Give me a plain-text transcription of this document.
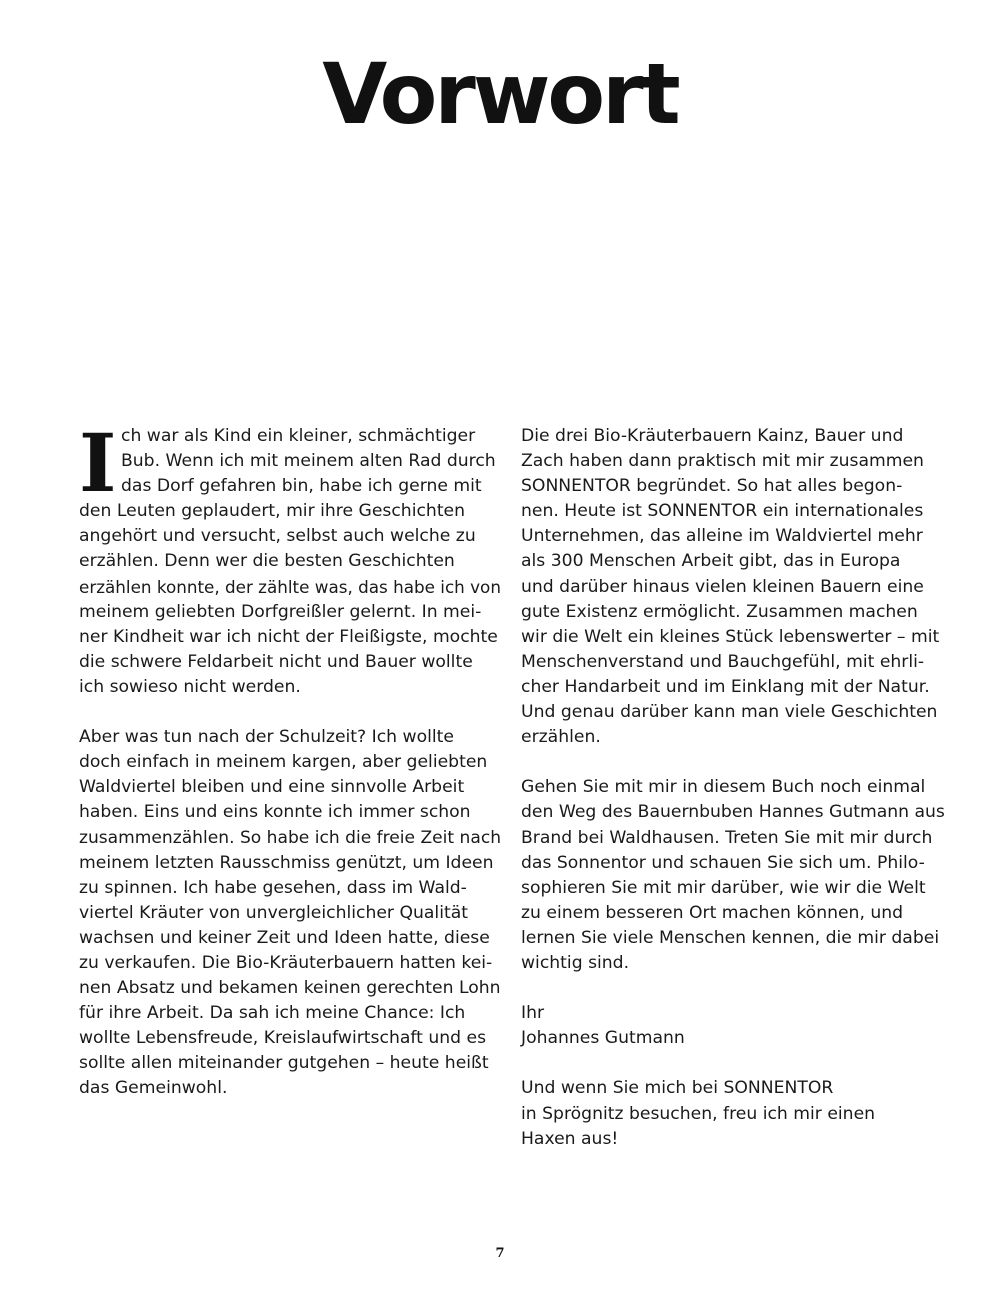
Vorwort
I ch war als Kind ein kleiner, schmächtiger
Bub. Wenn ich mit meinem alten Rad durch
das Dorf gefahren bin, habe ich gerne mit
den Leuten geplaudert, mir ihre Geschichten
angehört und versucht, selbst auch welche zu
erzählen. Denn wer die besten Geschichten
erzählen konnte, der zählte was, das habe ich von
meinem geliebten Dorfgreißler gelernt. In mei-
ner Kindheit war ich nicht der Fleißigste, mochte
die schwere Feldarbeit nicht und Bauer wollte
ich sowieso nicht werden.
Aber was tun nach der Schulzeit? Ich wollte
doch einfach in meinem kargen, aber geliebten
Waldviertel bleiben und eine sinnvolle Arbeit
haben. Eins und eins konnte ich immer schon
zusammenzählen. So habe ich die freie Zeit nach
meinem letzten Rausschmiss genützt, um Ideen
zu spinnen. Ich habe gesehen, dass im Wald-
viertel Kräuter von unvergleichlicher Qualität
wachsen und keiner Zeit und Ideen hatte, diese
zu verkaufen. Die Bio-Kräuterbauern hatten kei-
nen Absatz und bekamen keinen gerechten Lohn
für ihre Arbeit. Da sah ich meine Chance: Ich
wollte Lebensfreude, Kreislaufwirtschaft und es
sollte allen miteinander gutgehen – heute heißt
das Gemeinwohl.
Die drei Bio-Kräuterbauern Kainz, Bauer und
Zach haben dann praktisch mit mir zusammen
SONNENTOR begründet. So hat alles begon-
nen. Heute ist SONNENTOR ein internationales
Unternehmen, das alleine im Waldviertel mehr
als 300 Menschen Arbeit gibt, das in Europa
und darüber hinaus vielen kleinen Bauern eine
gute Existenz ermöglicht. Zusammen machen
wir die Welt ein kleines Stück lebenswerter – mit
Menschenverstand und Bauchgefühl, mit ehrli-
cher Handarbeit und im Einklang mit der Natur.
Und genau darüber kann man viele Geschichten
erzählen.
Gehen Sie mit mir in diesem Buch noch einmal
den Weg des Bauernbuben Hannes Gutmann aus
Brand bei Waldhausen. Treten Sie mit mir durch
das Sonnentor und schauen Sie sich um. Philo-
sophieren Sie mit mir darüber, wie wir die Welt
zu einem besseren Ort machen können, und
lernen Sie viele Menschen kennen, die mir dabei
wichtig sind.
Ihr
Johannes Gutmann
Und wenn Sie mich bei SONNENTOR
in Sprögnitz besuchen, freu ich mir einen
Haxen aus!
7
